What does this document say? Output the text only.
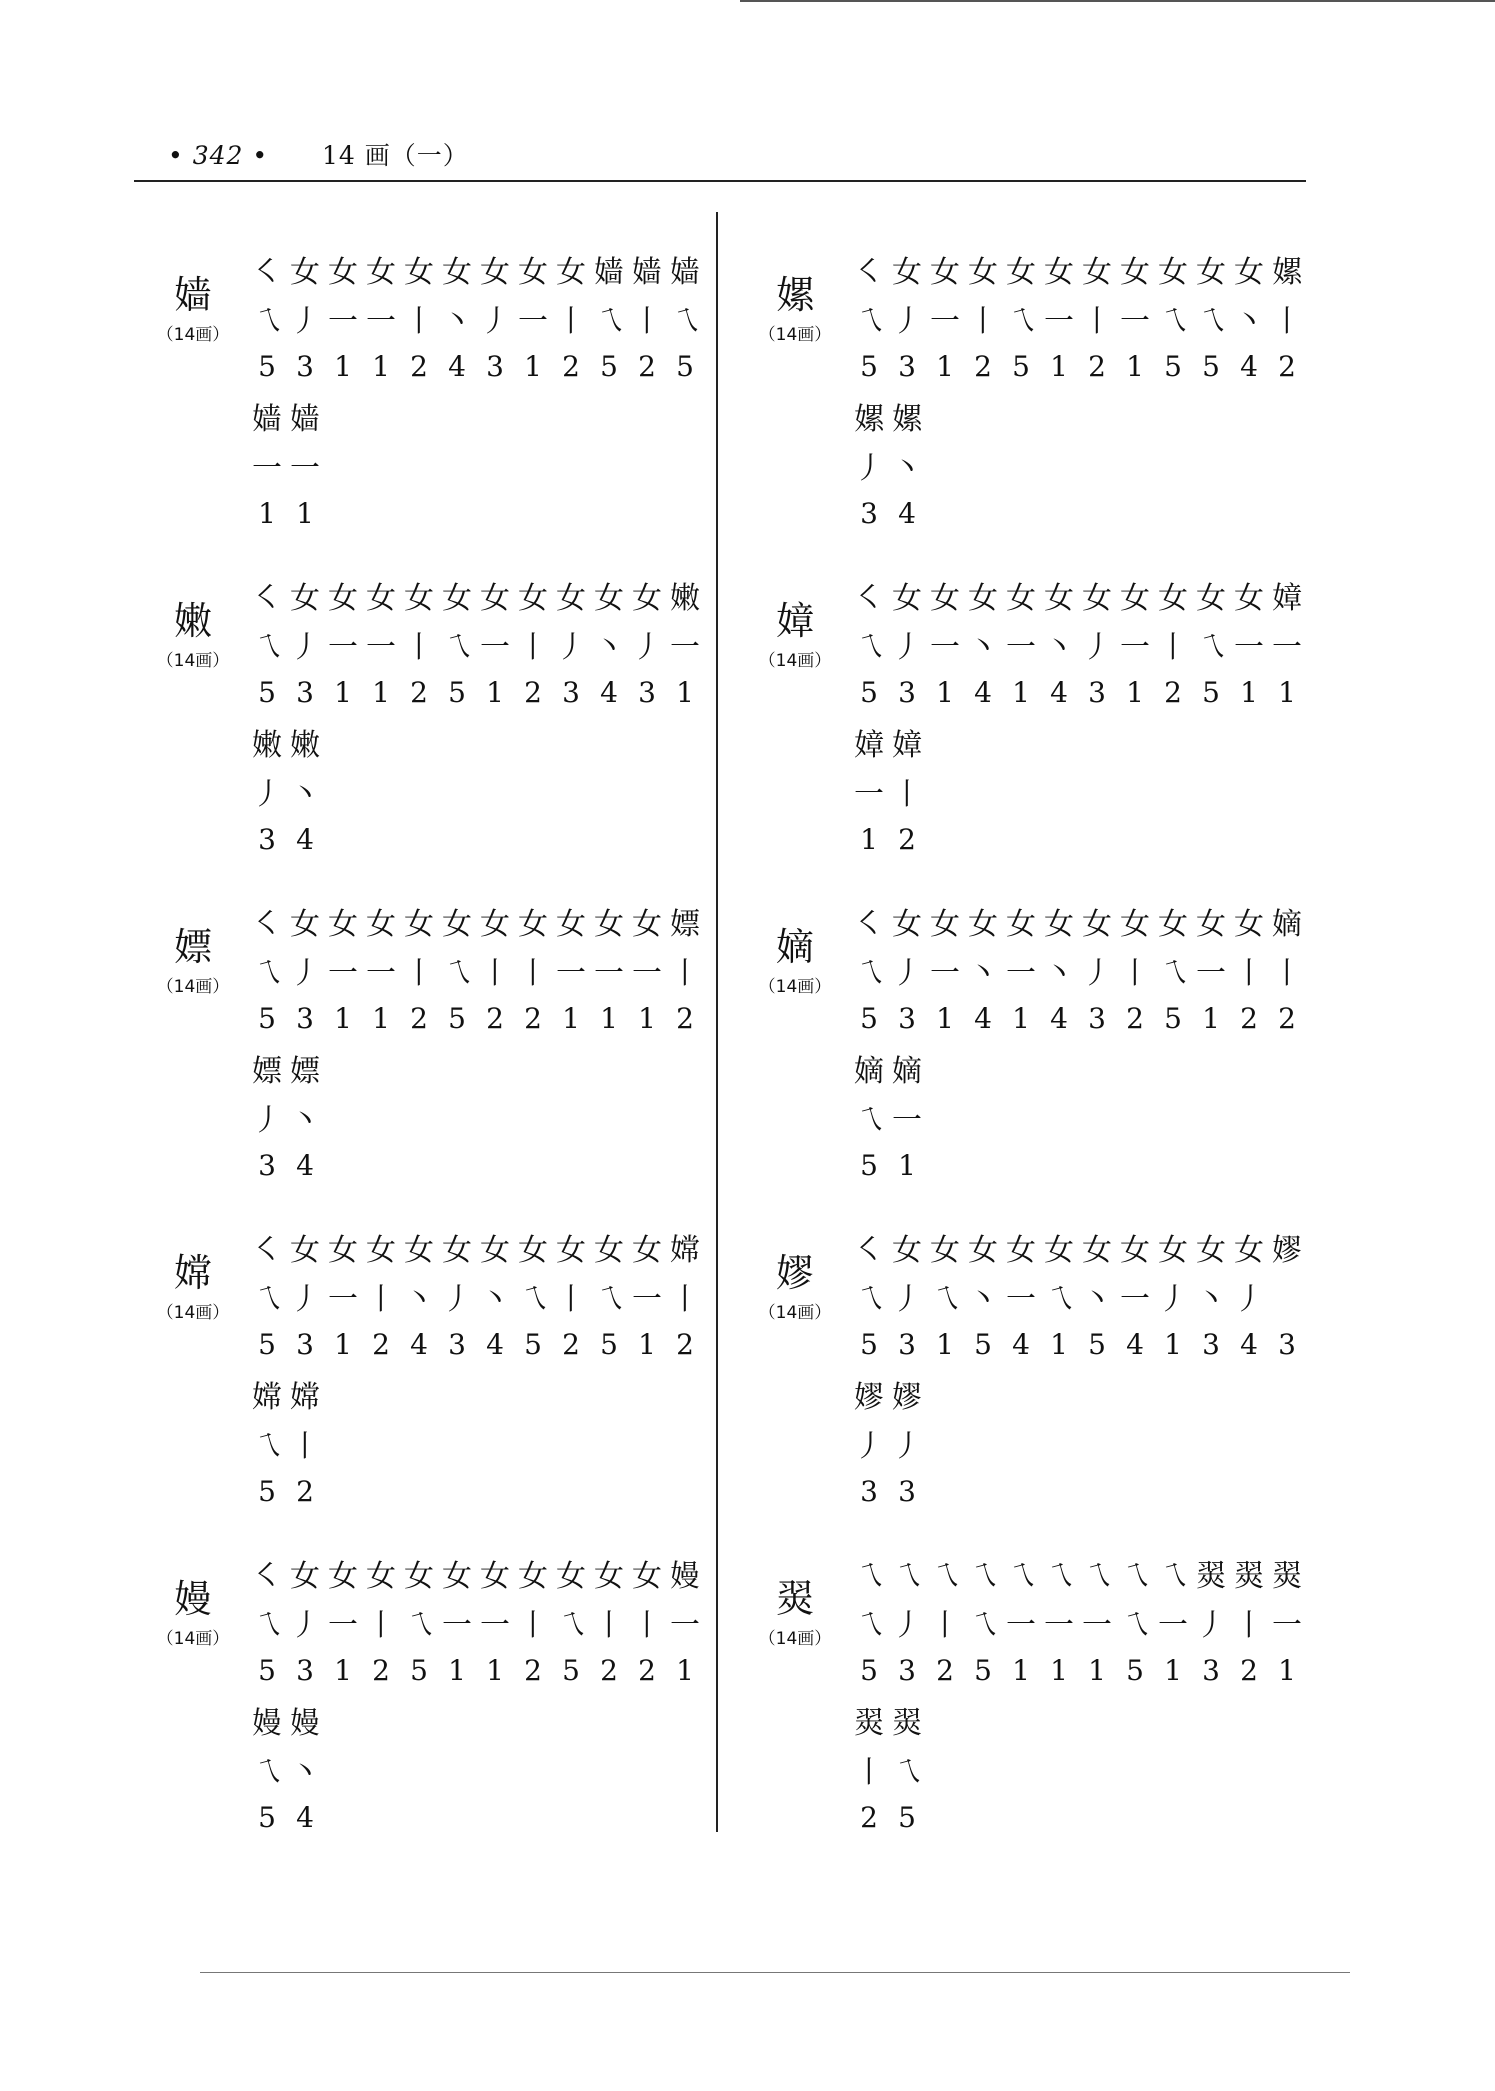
• 342 • 14 画（一）
嫱
（14画）
㇛ 女 女 女 女 女 女 女 女 嫱 嫱 嫱
㇝ 丿 一 一 丨 丶 丿 一 丨 ㇝ 丨 ㇝
5 3 1 1 2 4 3 1 2 5 2 5
嫱 嫱
一 一
1 1
嫩
（14画）
㇛ 女 女 女 女 女 女 女 女 女 女 嫩
㇝ 丿 一 一 丨 ㇝ 一 丨 丿 丶 丿 一
5 3 1 1 2 5 1 2 3 4 3 1
嫩 嫩
丿 丶
3 4
嫖
（14画）
㇛ 女 女 女 女 女 女 女 女 女 女 嫖
㇝ 丿 一 一 丨 ㇝ 丨 丨 一 一 一 丨
5 3 1 1 2 5 2 2 1 1 1 2
嫖 嫖
丿 丶
3 4
嫦
（14画）
㇛ 女 女 女 女 女 女 女 女 女 女 嫦
㇝ 丿 一 丨 丶 丿 丶 ㇝ 丨 ㇝ 一 丨
5 3 1 2 4 3 4 5 2 5 1 2
嫦 嫦
㇝ 丨
5 2
嫚
（14画）
㇛ 女 女 女 女 女 女 女 女 女 女 嫚
㇝ 丿 一 丨 ㇝ 一 一 丨 ㇝ 丨 丨 一
5 3 1 2 5 1 1 2 5 2 2 1
嫚 嫚
㇝ 丶
5 4
嫘
（14画）
㇛ 女 女 女 女 女 女 女 女 女 女 嫘
㇝ 丿 一 丨 ㇝ 一 丨 一 ㇝ ㇝ 丶 丨
5 3 1 2 5 1 2 1 5 5 4 2
嫘 嫘
丿 丶
3 4
嫜
（14画）
㇛ 女 女 女 女 女 女 女 女 女 女 嫜
㇝ 丿 一 丶 一 丶 丿 一 丨 ㇝ 一 一
5 3 1 4 1 4 3 1 2 5 1 1
嫜 嫜
一 丨
1 2
嫡
（14画）
㇛ 女 女 女 女 女 女 女 女 女 女 嫡
㇝ 丿 一 丶 一 丶 丿 丨 ㇝ 一 丨 丨
5 3 1 4 1 4 3 2 5 1 2 2
嫡 嫡
㇝ 一
5 1
嫪
（14画）
㇛ 女 女 女 女 女 女 女 女 女 女 嫪
㇝ 丿 ㇝ 丶 一 ㇝ 丶 一 丿 丶 丿
5 3 1 5 4 1 5 4 1 3 4 3
嫪 嫪
丿 丿
3 3
翜
（14画）
㇝ ㇝ ㇝ ㇝ ㇝ ㇝ ㇝ ㇝ ㇝ 翜 翜 翜
㇝ 丿 丨 ㇝ 一 一 一 ㇝ 一 丿 丨 一
5 3 2 5 1 1 1 5 1 3 2 1
翜 翜
丨 ㇝
2 5
